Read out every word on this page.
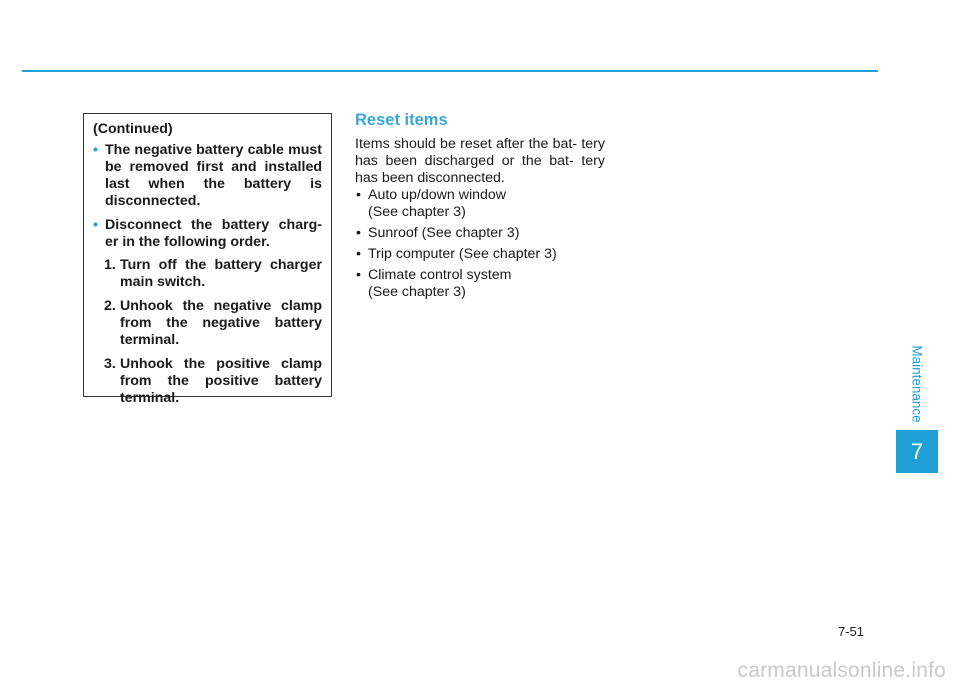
(Continued)
• The negative battery cable must be removed first and installed last when the battery is disconnected.
• Disconnect the battery charg- er in the following order.
1. Turn off the battery charger main switch.
2. Unhook the negative clamp from the negative battery terminal.
3. Unhook the positive clamp from the positive battery terminal.
Reset items
Items should be reset after the bat- tery has been discharged or the bat- tery has been disconnected.
• Auto up/down window
(See chapter 3)
• Sunroof (See chapter 3)
• Trip computer (See chapter 3)
• Climate control system
(See chapter 3)
Maintenance
7
7-51
carmanualsonline.info
